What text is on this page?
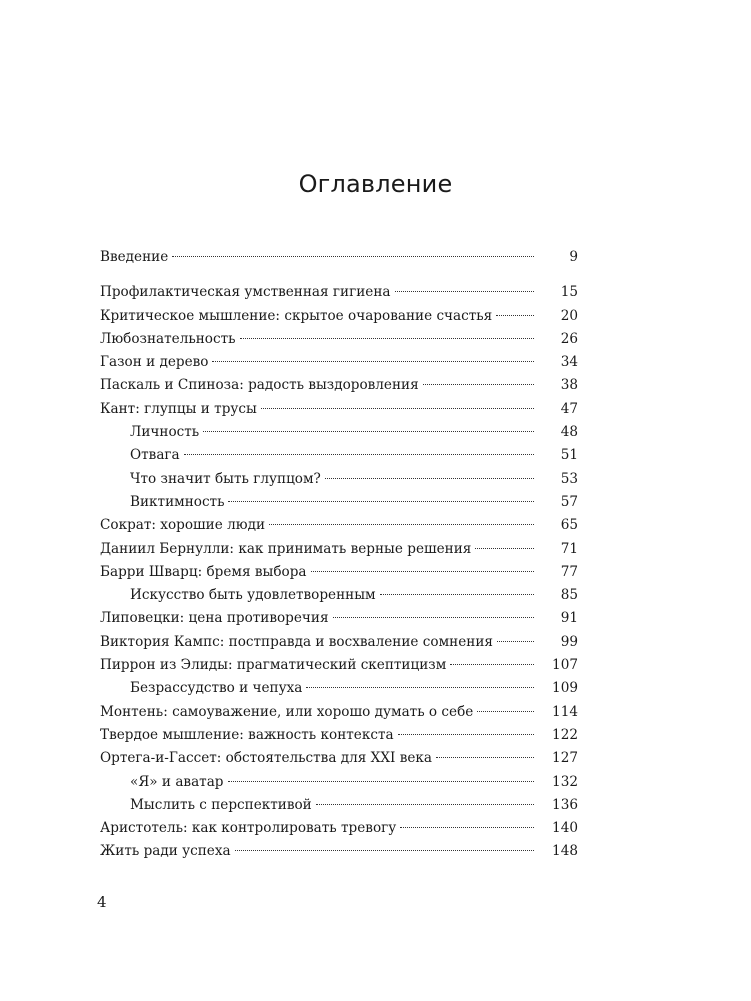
Оглавление
Введение	9
Профилактическая умственная гигиена	15
Критическое мышление: скрытое очарование счастья	20
Любознательность	26
Газон и дерево	34
Паскаль и Спиноза: радость выздоровления	38
Кант: глупцы и трусы	47
Личность	48
Отвага	51
Что значит быть глупцом?	53
Виктимность	57
Сократ: хорошие люди	65
Даниил Бернулли: как принимать верные решения	71
Барри Шварц: бремя выбора	77
Искусство быть удовлетворенным	85
Липовецки: цена противоречия	91
Виктория Кампс: постправда и восхваление сомнения	99
Пиррон из Элиды: прагматический скептицизм	107
Безрассудство и чепуха	109
Монтень: самоуважение, или хорошо думать о себе	114
Твердое мышление: важность контекста	122
Ортега-и-Гассет: обстоятельства для XXI века	127
«Я» и аватар	132
Мыслить с перспективой	136
Аристотель: как контролировать тревогу	140
Жить ради успеха	148
4
